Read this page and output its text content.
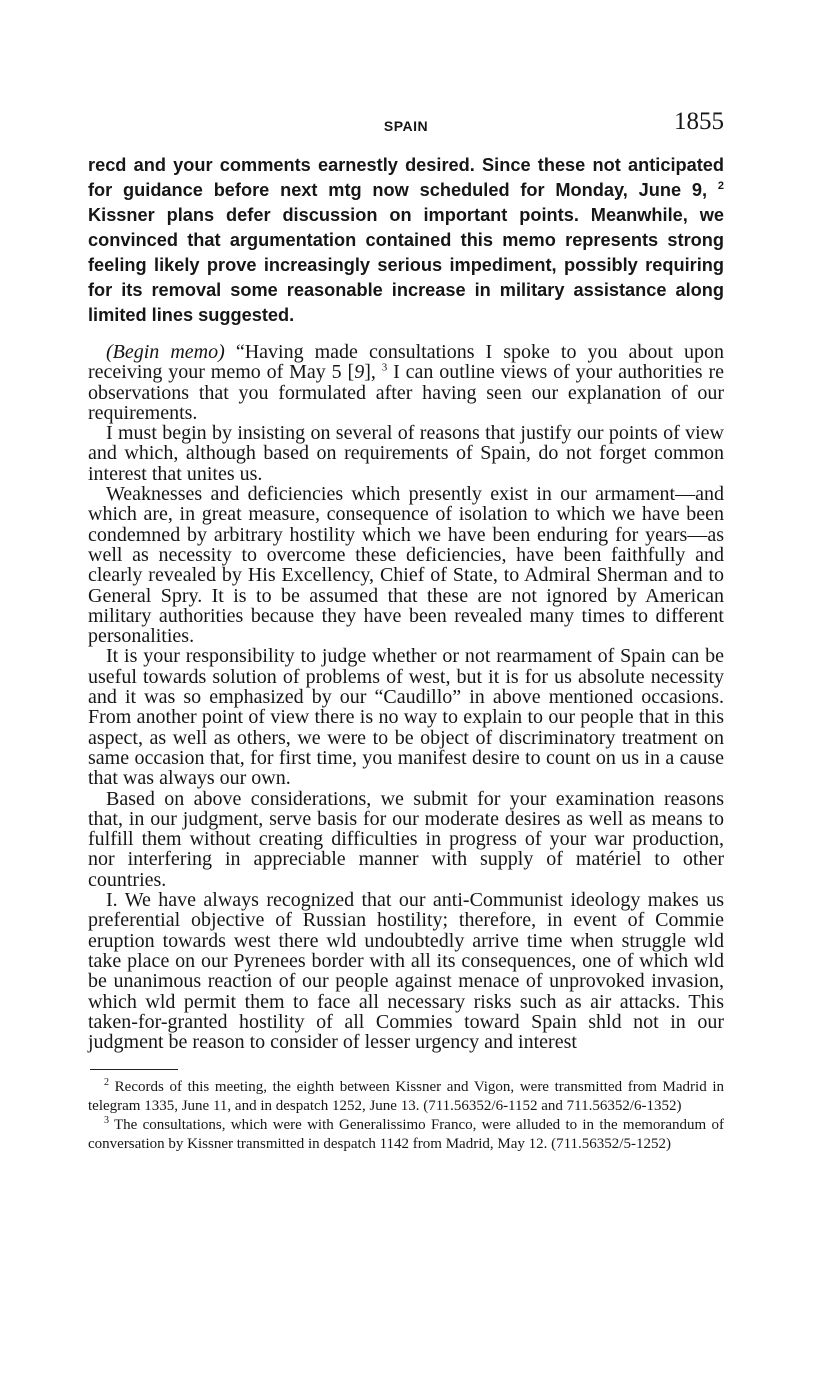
SPAIN	1855

recd and your comments earnestly desired. Since these not anticipated for guidance before next mtg now scheduled for Monday, June 9, $^2$ Kissner plans defer discussion on important points. Meanwhile, we convinced that argumentation contained this memo represents strong feeling likely prove increasingly serious impediment, possibly requiring for its removal some reasonable increase in military assistance along limited lines suggested.

(Begin memo) “Having made consultations I spoke to you about upon receiving your memo of May 5 [9], $^3$ I can outline views of your authorities re observations that you formulated after having seen our explanation of our requirements.

I must begin by insisting on several of reasons that justify our points of view and which, although based on requirements of Spain, do not forget common interest that unites us.

Weaknesses and deficiencies which presently exist in our armament—and which are, in great measure, consequence of isolation to which we have been condemned by arbitrary hostility which we have been enduring for years—as well as necessity to overcome these deficiencies, have been faithfully and clearly revealed by His Excellency, Chief of State, to Admiral Sherman and to General Spry. It is to be assumed that these are not ignored by American military authorities because they have been revealed many times to different personalities.

It is your responsibility to judge whether or not rearmament of Spain can be useful towards solution of problems of west, but it is for us absolute necessity and it was so emphasized by our “Caudillo” in above mentioned occasions. From another point of view there is no way to explain to our people that in this aspect, as well as others, we were to be object of discriminatory treatment on same occasion that, for first time, you manifest desire to count on us in a cause that was always our own.

Based on above considerations, we submit for your examination reasons that, in our judgment, serve basis for our moderate desires as well as means to fulfill them without creating difficulties in progress of your war production, nor interfering in appreciable manner with supply of matériel to other countries.

I. We have always recognized that our anti-Communist ideology makes us preferential objective of Russian hostility; therefore, in event of Commie eruption towards west there wld undoubtedly arrive time when struggle wld take place on our Pyrenees border with all its consequences, one of which wld be unanimous reaction of our people against menace of unprovoked invasion, which wld permit them to face all necessary risks such as air attacks. This taken-for-granted hostility of all Commies toward Spain shld not in our judgment be reason to consider of lesser urgency and interest

$^2$ Records of this meeting, the eighth between Kissner and Vigon, were transmitted from Madrid in telegram 1335, June 11, and in despatch 1252, June 13. (711.56352/6-1152 and 711.56352/6-1352)

$^3$ The consultations, which were with Generalissimo Franco, were alluded to in the memorandum of conversation by Kissner transmitted in despatch 1142 from Madrid, May 12. (711.56352/5-1252)
